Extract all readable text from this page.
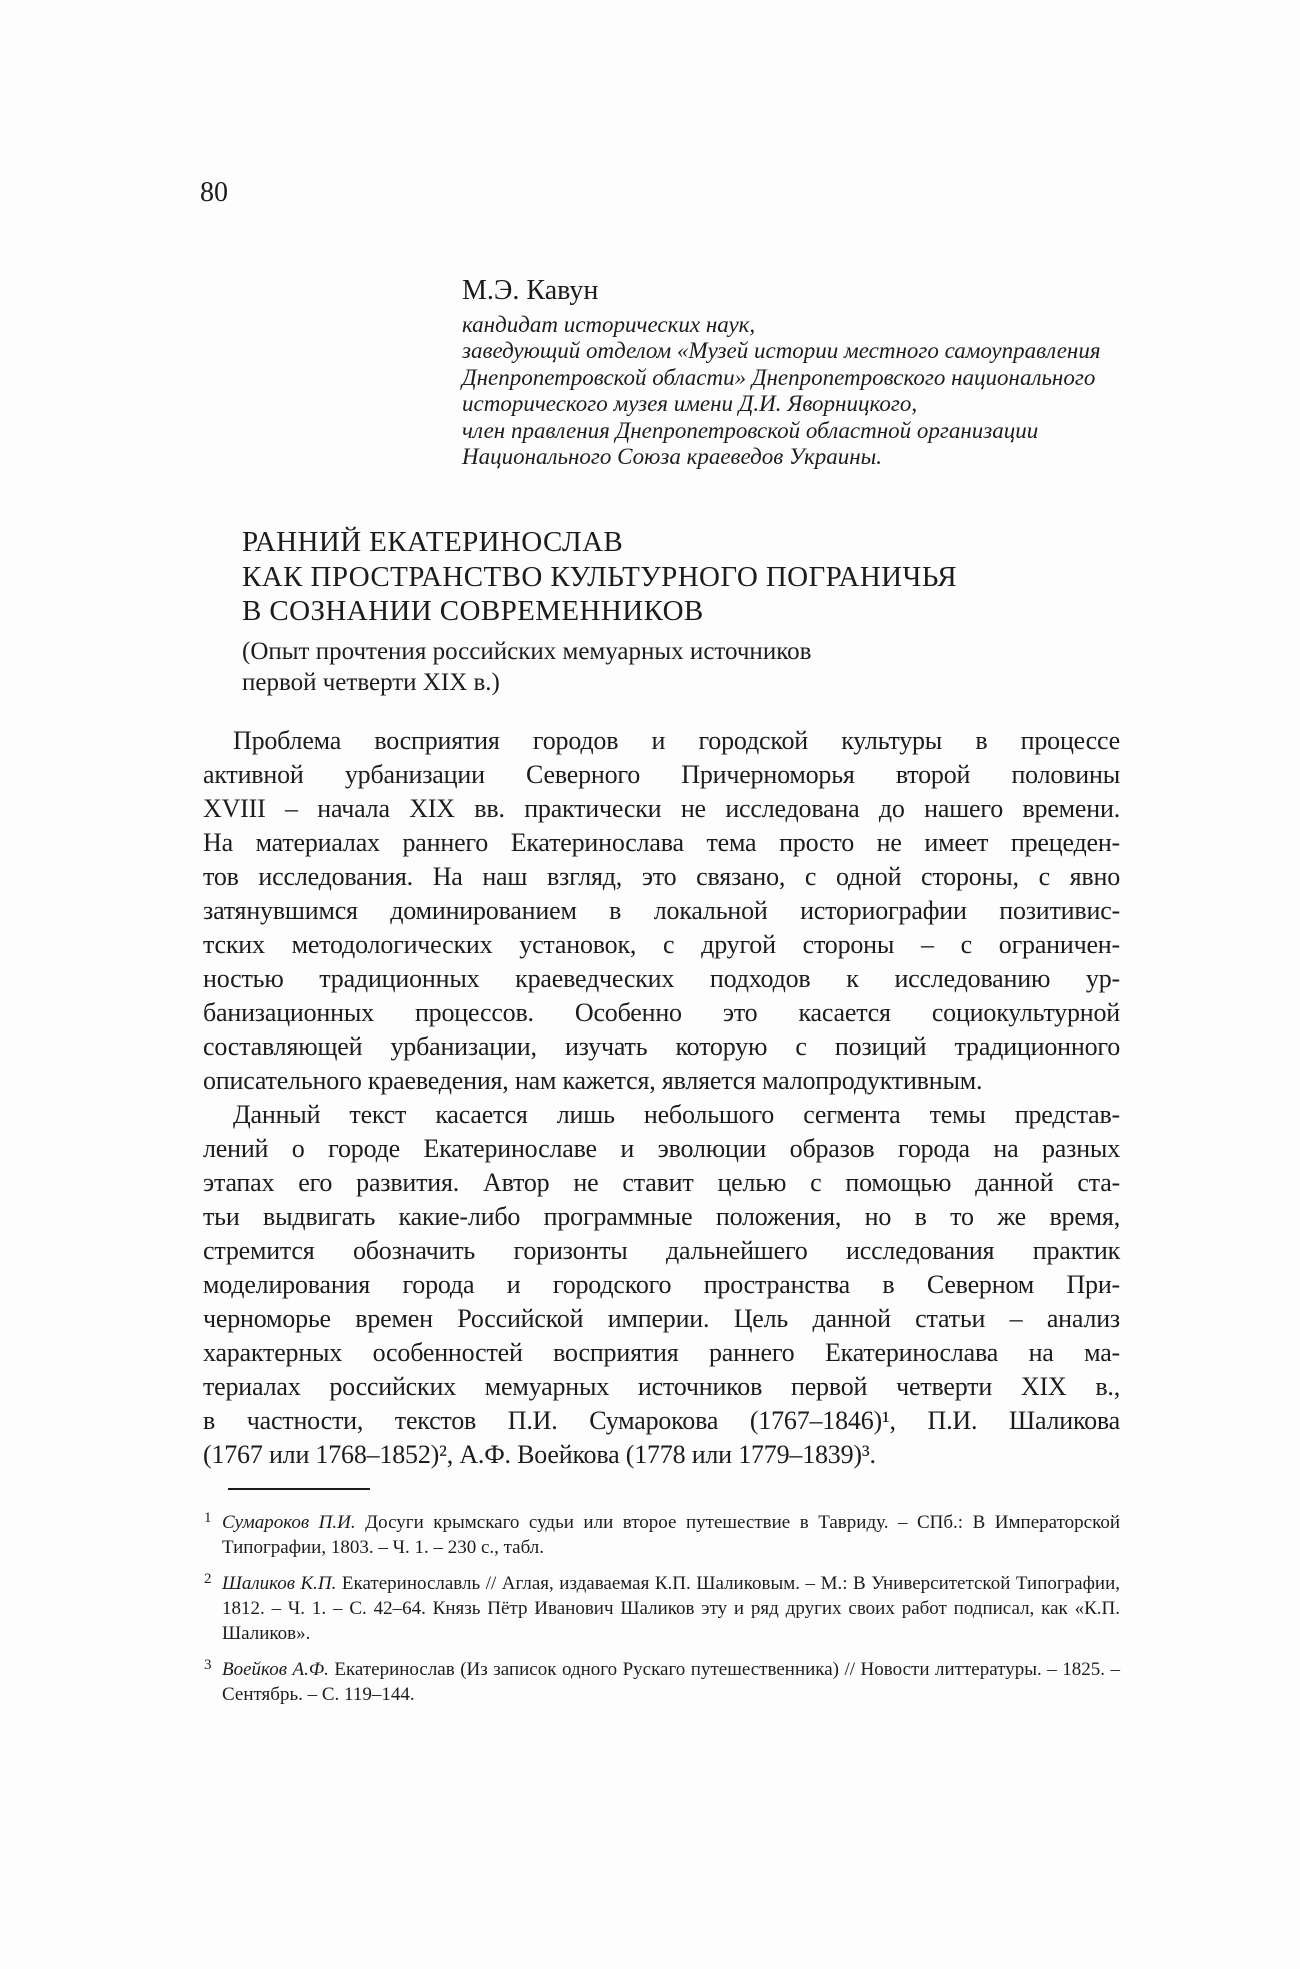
80
М.Э. Кавун
кандидат исторических наук,
заведующий отделом «Музей истории местного самоуправления
Днепропетровской области» Днепропетровского национального
исторического музея имени Д.И. Яворницкого,
член правления Днепропетровской областной организации
Национального Союза краеведов Украины.
РАННИЙ ЕКАТЕРИНОСЛАВ
КАК ПРОСТРАНСТВО КУЛЬТУРНОГО ПОГРАНИЧЬЯ
В СОЗНАНИИ СОВРЕМЕННИКОВ
(Опыт прочтения российских мемуарных источников
первой четверти XIX в.)
Проблема восприятия городов и городской культуры в процессе
активной урбанизации Северного Причерноморья второй половины
XVIII – начала XIX вв. практически не исследована до нашего времени.
На материалах раннего Екатеринослава тема просто не имеет прецеден-
тов исследования. На наш взгляд, это связано, с одной стороны, с явно
затянувшимся доминированием в локальной историографии позитивис-
тских методологических установок, с другой стороны – с ограничен-
ностью традиционных краеведческих подходов к исследованию ур-
банизационных процессов. Особенно это касается социокультурной
составляющей урбанизации, изучать которую с позиций традиционного
описательного краеведения, нам кажется, является малопродуктивным.
Данный текст касается лишь небольшого сегмента темы представ-
лений о городе Екатеринославе и эволюции образов города на разных
этапах его развития. Автор не ставит целью с помощью данной ста-
тьи выдвигать какие-либо программные положения, но в то же время,
стремится обозначить горизонты дальнейшего исследования практик
моделирования города и городского пространства в Северном При-
черноморье времен Российской империи. Цель данной статьи – анализ
характерных особенностей восприятия раннего Екатеринослава на ма-
териалах российских мемуарных источников первой четверти XIX в.,
в частности, текстов П.И. Сумарокова (1767–1846)¹, П.И. Шаликова
(1767 или 1768–1852)², А.Ф. Воейкова (1778 или 1779–1839)³.
1 Сумароков П.И. Досуги крымскаго судьи или второе путешествие в Тавриду. – СПб.: В Императорской Типографии, 1803. – Ч. 1. – 230 с., табл.
2 Шаликов К.П. Екатеринославль // Аглая, издаваемая К.П. Шаликовым. – М.: В Университетской Типографии, 1812. – Ч. 1. – С. 42–64. Князь Пётр Иванович Шаликов эту и ряд других своих работ подписал, как «К.П. Шаликов».
3 Воейков А.Ф. Екатеринослав (Из записок одного Рускаго путешественника) // Новости литтературы. – 1825. – Сентябрь. – С. 119–144.
